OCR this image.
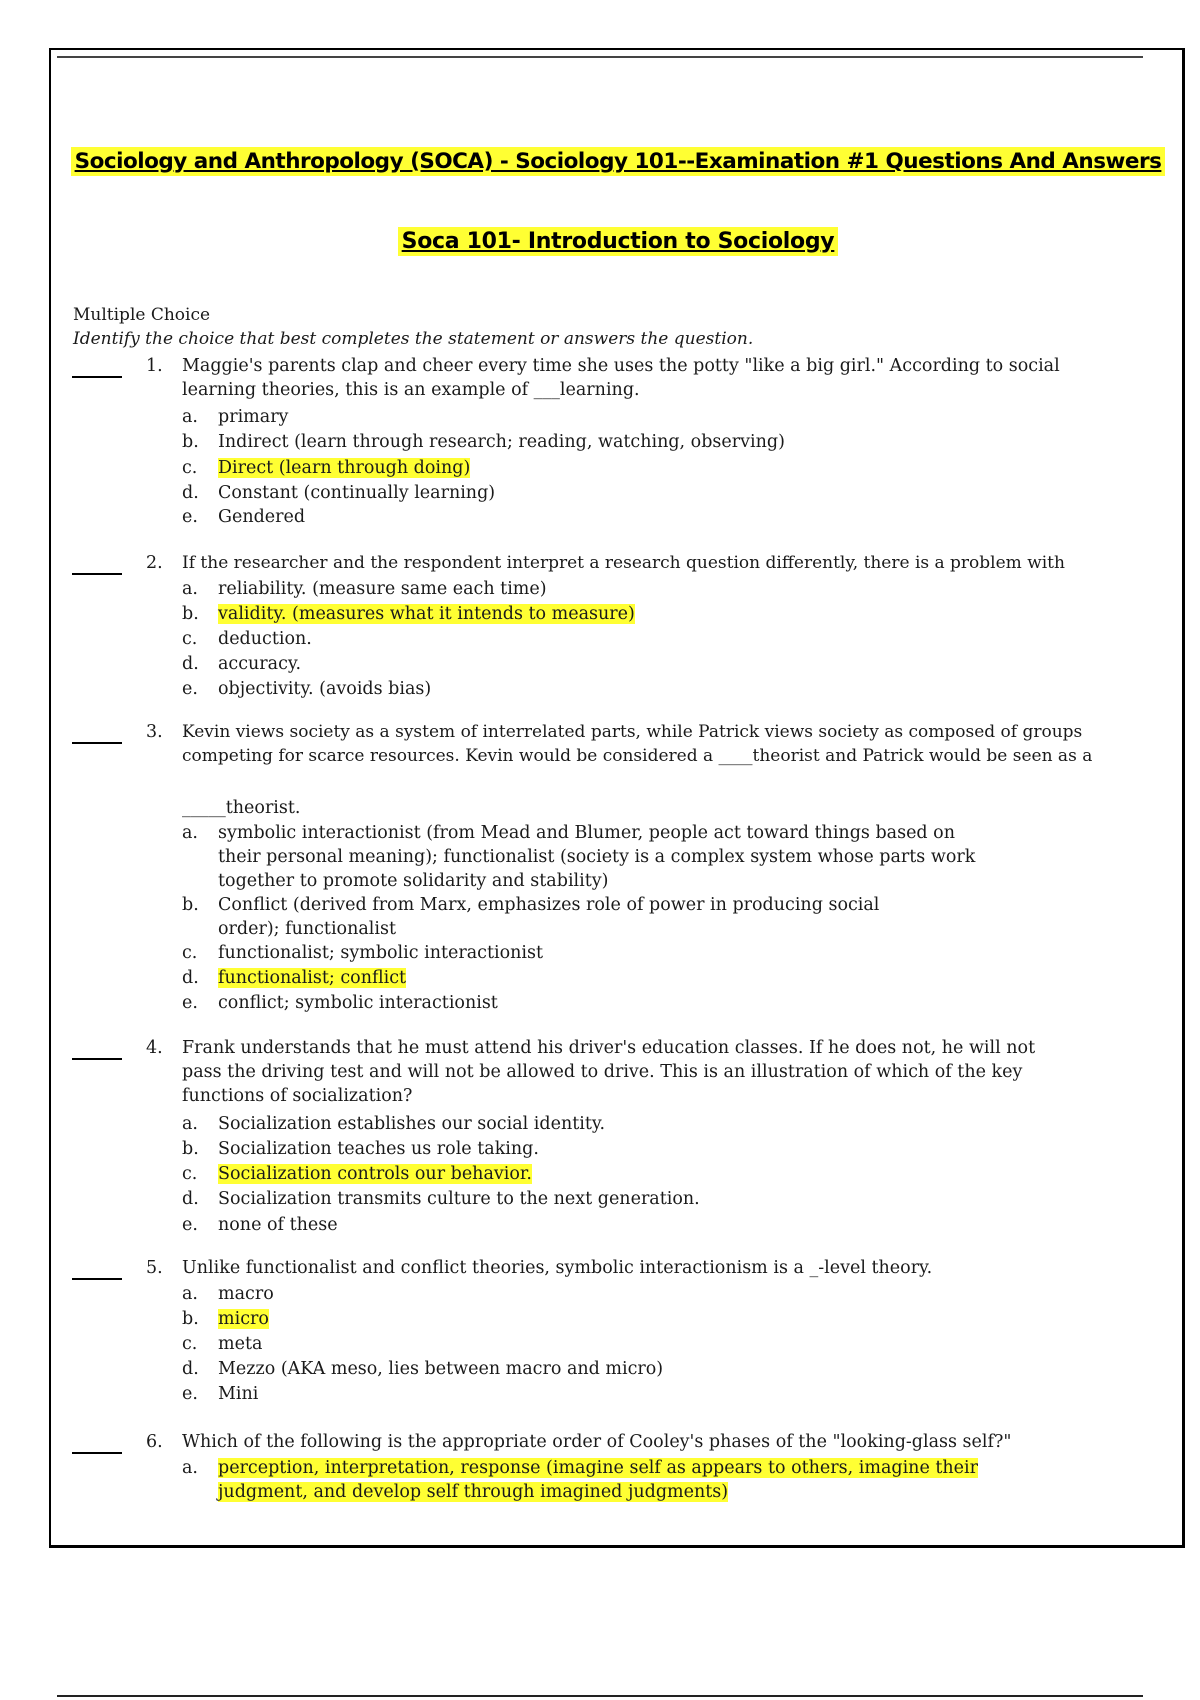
Sociology and Anthropology (SOCA) - Sociology 101--Examination #1 Questions And Answers
Soca 101- Introduction to Sociology
Multiple Choice
Identify the choice that best completes the statement or answers the question.
1. Maggie's parents clap and cheer every time she uses the potty "like a big girl." According to social learning theories, this is an example of ___learning.
a.	primary
b.	Indirect (learn through research; reading, watching, observing)
c.	Direct (learn through doing)
d.	Constant (continually learning)
e.	Gendered
2. If the researcher and the respondent interpret a research question differently, there is a problem with
a.	reliability. (measure same each time)
b.	validity. (measures what it intends to measure)
c.	deduction.
d.	accuracy.
e.	objectivity. (avoids bias)
3. Kevin views society as a system of interrelated parts, while Patrick views society as composed of groups competing for scarce resources. Kevin would be considered a ____theorist and Patrick would be seen as a
_____theorist.
a.	symbolic interactionist (from Mead and Blumer, people act toward things based on their personal meaning); functionalist (society is a complex system whose parts work together to promote solidarity and stability)
b.	Conflict (derived from Marx, emphasizes role of power in producing social order); functionalist
c.	functionalist; symbolic interactionist
d.	functionalist; conflict
e.	conflict; symbolic interactionist
4. Frank understands that he must attend his driver's education classes. If he does not, he will not pass the driving test and will not be allowed to drive. This is an illustration of which of the key functions of socialization?
a.	Socialization establishes our social identity.
b.	Socialization teaches us role taking.
c.	Socialization controls our behavior.
d.	Socialization transmits culture to the next generation.
e.	none of these
5. Unlike functionalist and conflict theories, symbolic interactionism is a _-level theory.
a.	macro
b.	micro
c.	meta
d.	Mezzo (AKA meso, lies between macro and micro)
e.	Mini
6. Which of the following is the appropriate order of Cooley's phases of the "looking-glass self?"
a.	perception, interpretation, response (imagine self as appears to others, imagine their judgment, and develop self through imagined judgments)
